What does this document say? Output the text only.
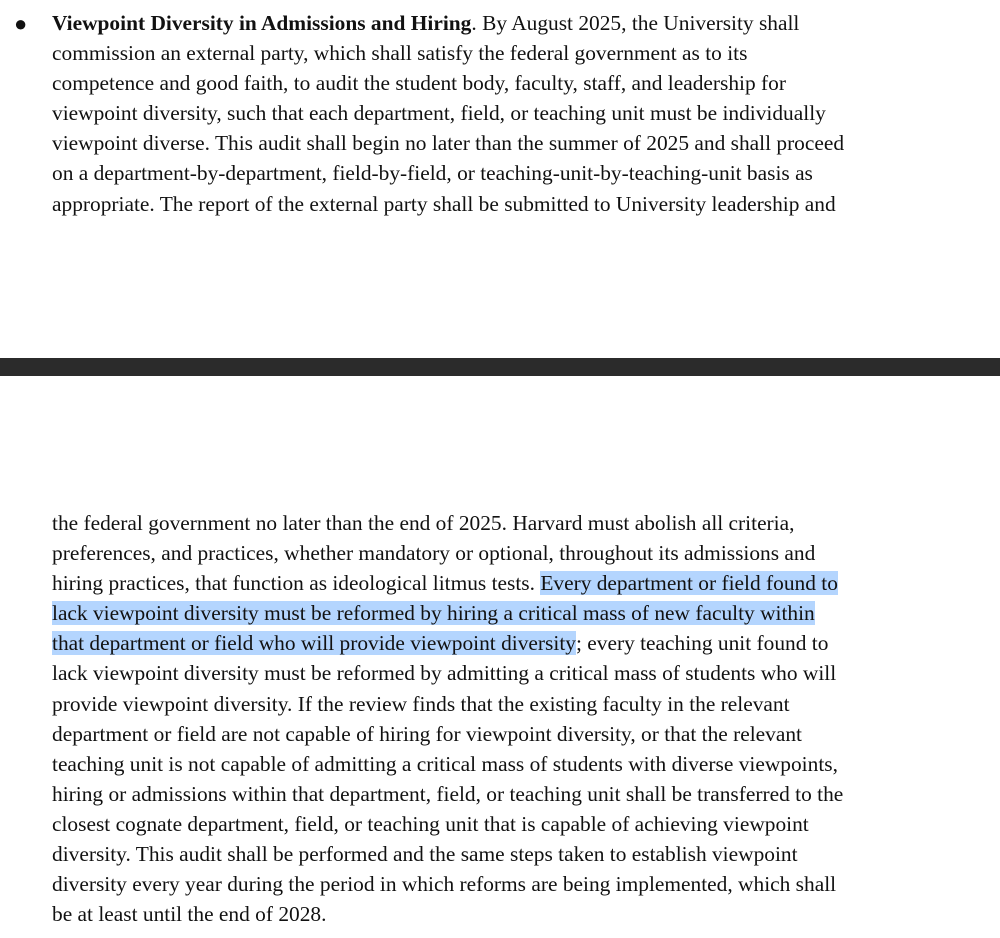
● Viewpoint Diversity in Admissions and Hiring. By August 2025, the University shall
commission an external party, which shall satisfy the federal government as to its
competence and good faith, to audit the student body, faculty, staff, and leadership for
viewpoint diversity, such that each department, field, or teaching unit must be individually
viewpoint diverse. This audit shall begin no later than the summer of 2025 and shall proceed
on a department-by-department, field-by-field, or teaching-unit-by-teaching-unit basis as
appropriate. The report of the external party shall be submitted to University leadership and
the federal government no later than the end of 2025. Harvard must abolish all criteria,
preferences, and practices, whether mandatory or optional, throughout its admissions and
hiring practices, that function as ideological litmus tests. Every department or field found to
lack viewpoint diversity must be reformed by hiring a critical mass of new faculty within
that department or field who will provide viewpoint diversity; every teaching unit found to
lack viewpoint diversity must be reformed by admitting a critical mass of students who will
provide viewpoint diversity. If the review finds that the existing faculty in the relevant
department or field are not capable of hiring for viewpoint diversity, or that the relevant
teaching unit is not capable of admitting a critical mass of students with diverse viewpoints,
hiring or admissions within that department, field, or teaching unit shall be transferred to the
closest cognate department, field, or teaching unit that is capable of achieving viewpoint
diversity. This audit shall be performed and the same steps taken to establish viewpoint
diversity every year during the period in which reforms are being implemented, which shall
be at least until the end of 2028.
